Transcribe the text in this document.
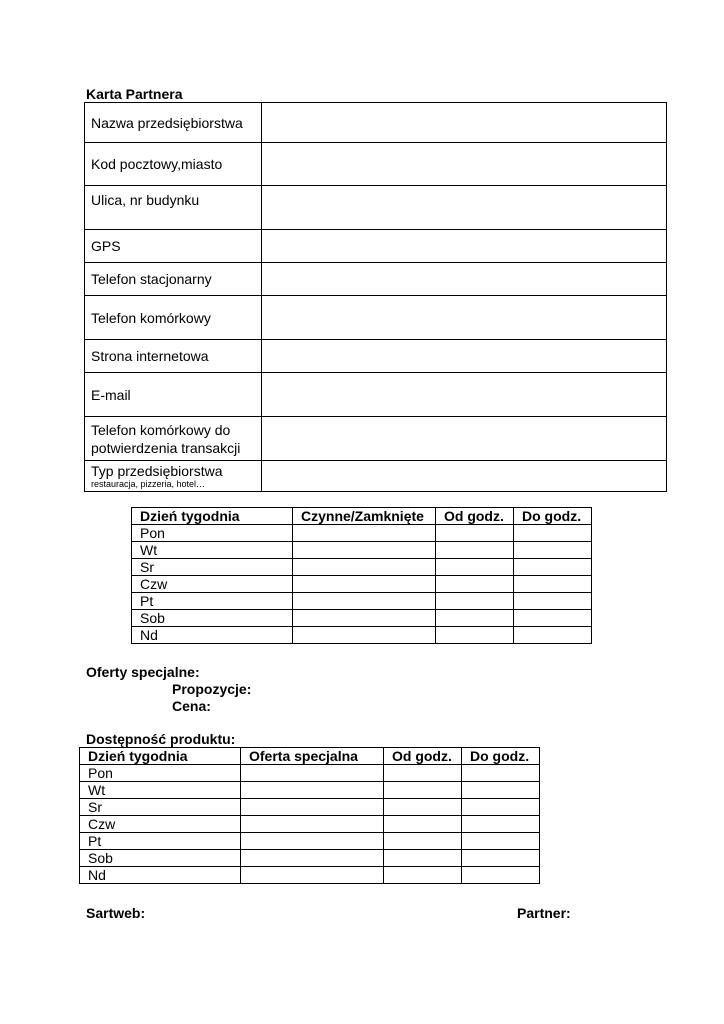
Karta Partnera
Nazwa przedsiębiorstwa	
Kod pocztowy,miasto	
Ulica, nr budynku	
GPS	
Telefon stacjonarny	
Telefon komórkowy	
Strona internetowa	
E-mail	
Telefon komórkowy do
potwierdzenia transakcji	
Typ przedsiębiorstwa
restauracja, pizzeria, hotel…	

Dzień tygodnia	Czynne/Zamknięte	Od godz.	Do godz.
Pon			
Wt			
Sr			
Czw			
Pt			
Sob			
Nd			
Oferty specjalne:
Propozycje:
Cena:
Dostępność produktu:
Dzień tygodnia	Oferta specjalna	Od godz.	Do godz.
Pon			
Wt			
Sr			
Czw			
Pt			
Sob			
Nd			
Sartweb:	Partner:
